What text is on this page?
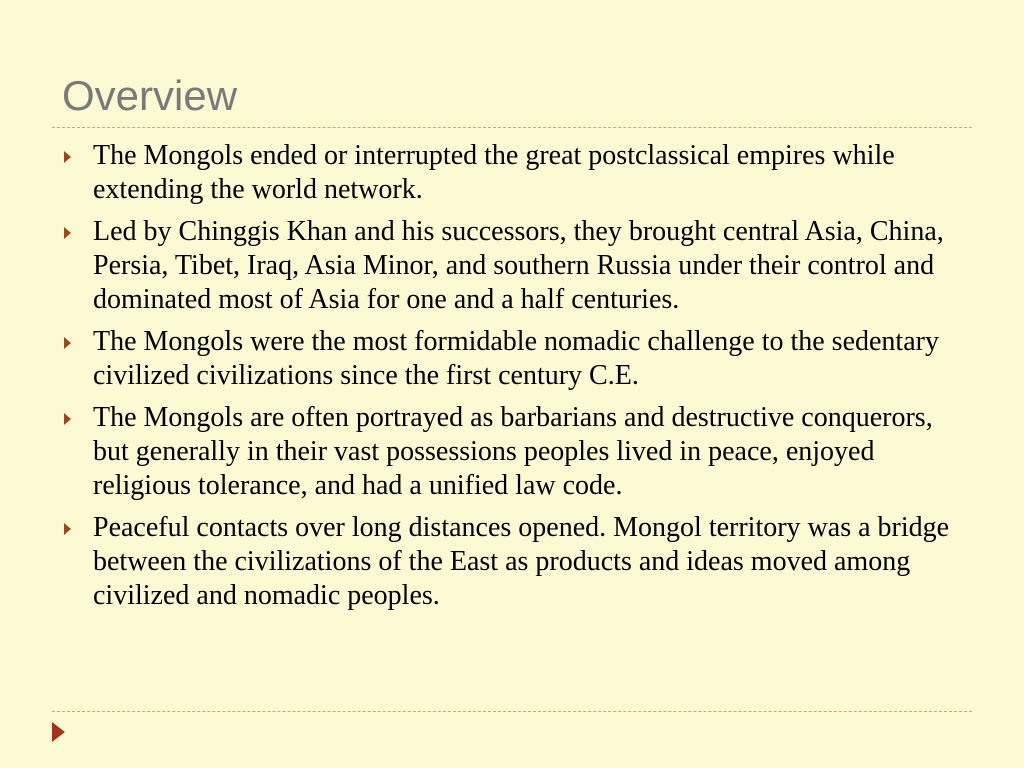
Overview
The Mongols ended or interrupted the great postclassical empires while extending the world network.
Led by Chinggis Khan and his successors, they brought central Asia, China, Persia, Tibet, Iraq, Asia Minor, and southern Russia under their control and dominated most of Asia for one and a half centuries.
The Mongols were the most formidable nomadic challenge to the sedentary civilized civilizations since the first century C.E.
The Mongols are often portrayed as barbarians and destructive conquerors, but generally in their vast possessions peoples lived in peace, enjoyed religious tolerance, and had a unified law code.
Peaceful contacts over long distances opened. Mongol territory was a bridge between the civilizations of the East as products and ideas moved among civilized and nomadic peoples.
